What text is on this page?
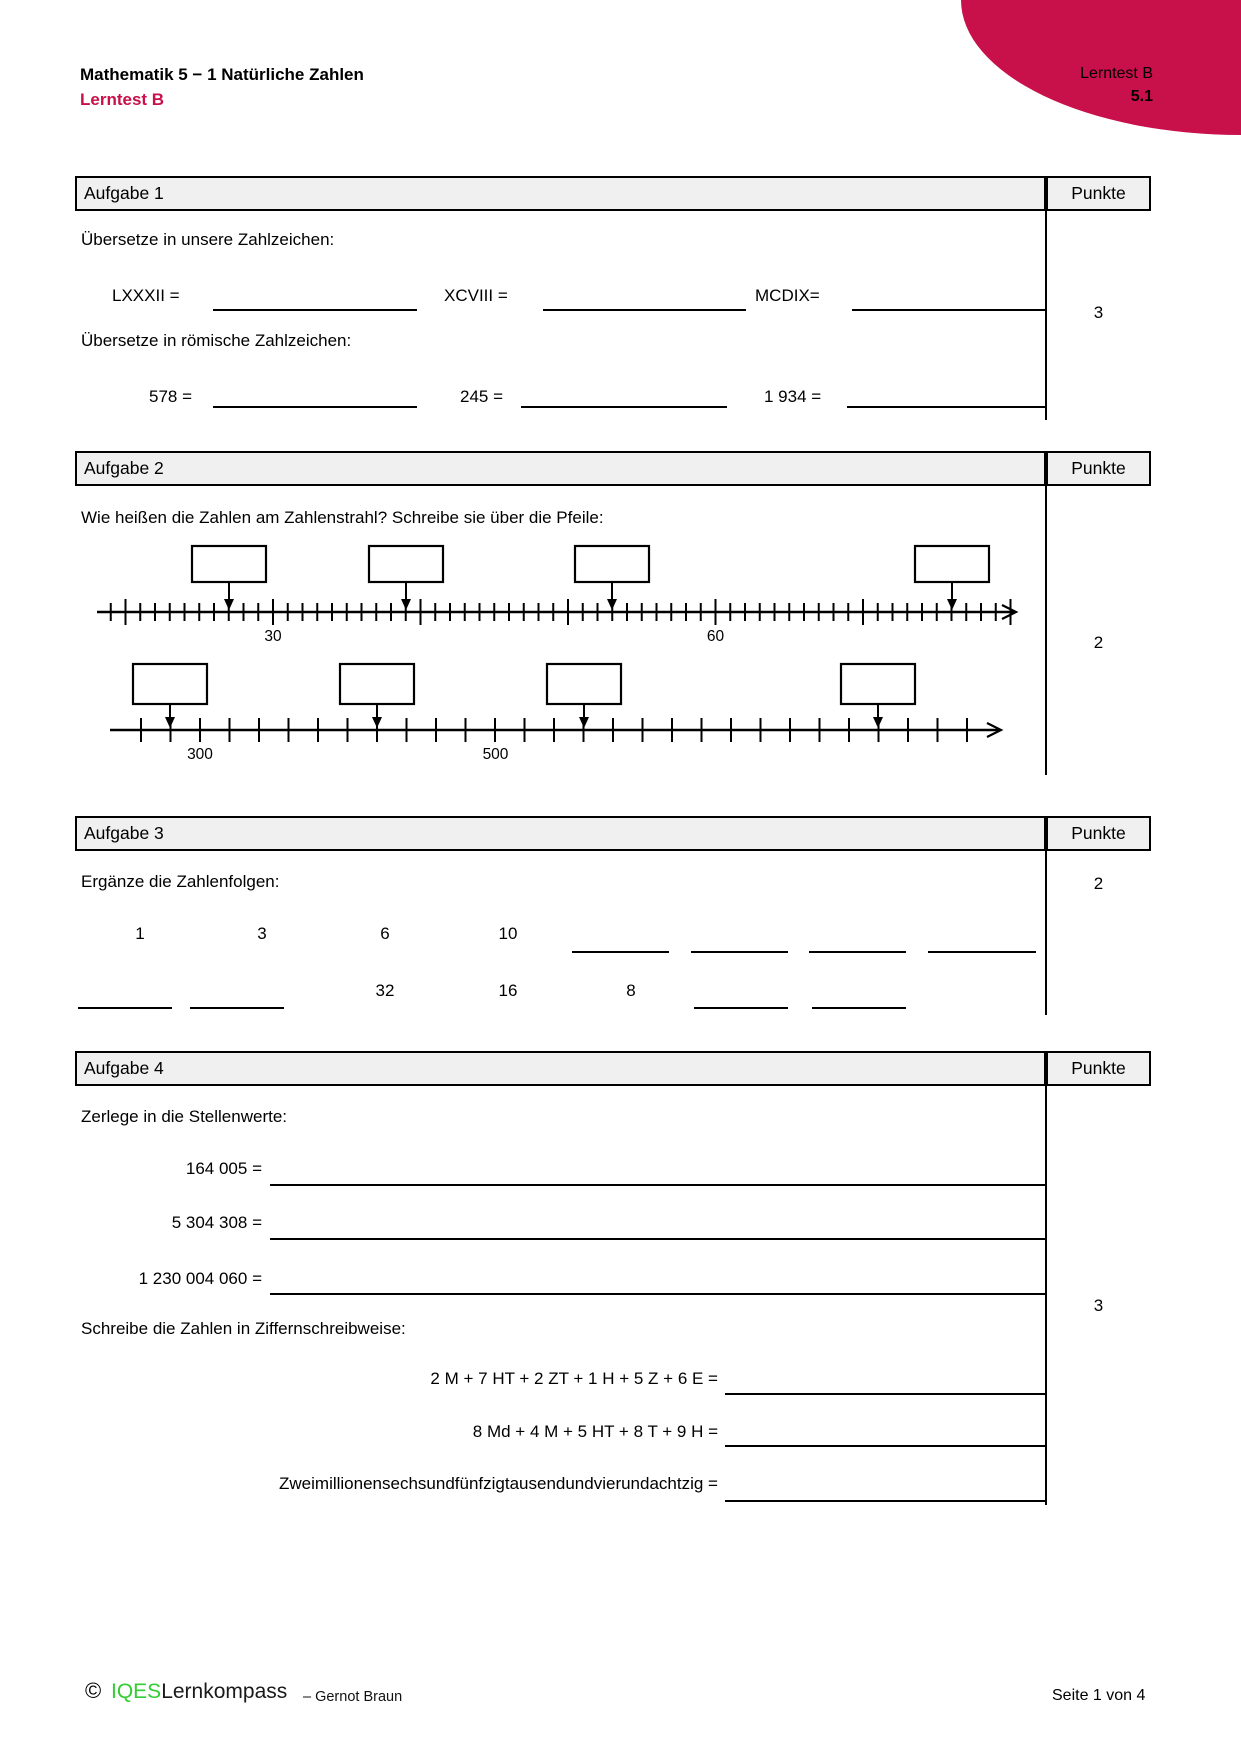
Lerntest B
5.1
Mathematik 5 − 1 Natürliche Zahlen
Lerntest B
Aufgabe 1	Punkte
3
Übersetze in unsere Zahlzeichen:
LXXXII =	XCVIII =	MCDIX=
Übersetze in römische Zahlzeichen:
578 =	245 =	1 934 =
Aufgabe 2	Punkte
2
Wie heißen die Zahlen am Zahlenstrahl? Schreibe sie über die Pfeile:
30	60
300	500
Aufgabe 3	Punkte
2
Ergänze die Zahlenfolgen:
1	3	6	10
32	16	8
Aufgabe 4	Punkte
3
Zerlege in die Stellenwerte:
164 005 =
5 304 308 =
1 230 004 060 =
Schreibe die Zahlen in Ziffernschreibweise:
2 M + 7 HT + 2 ZT + 1 H + 5 Z + 6 E =
8 Md + 4 M + 5 HT + 8 T + 9 H =
Zweimillionensechsundfünfzigtausendundvierundachtzig =
© IQESLernkompass – Gernot Braun	Seite 1 von 4
